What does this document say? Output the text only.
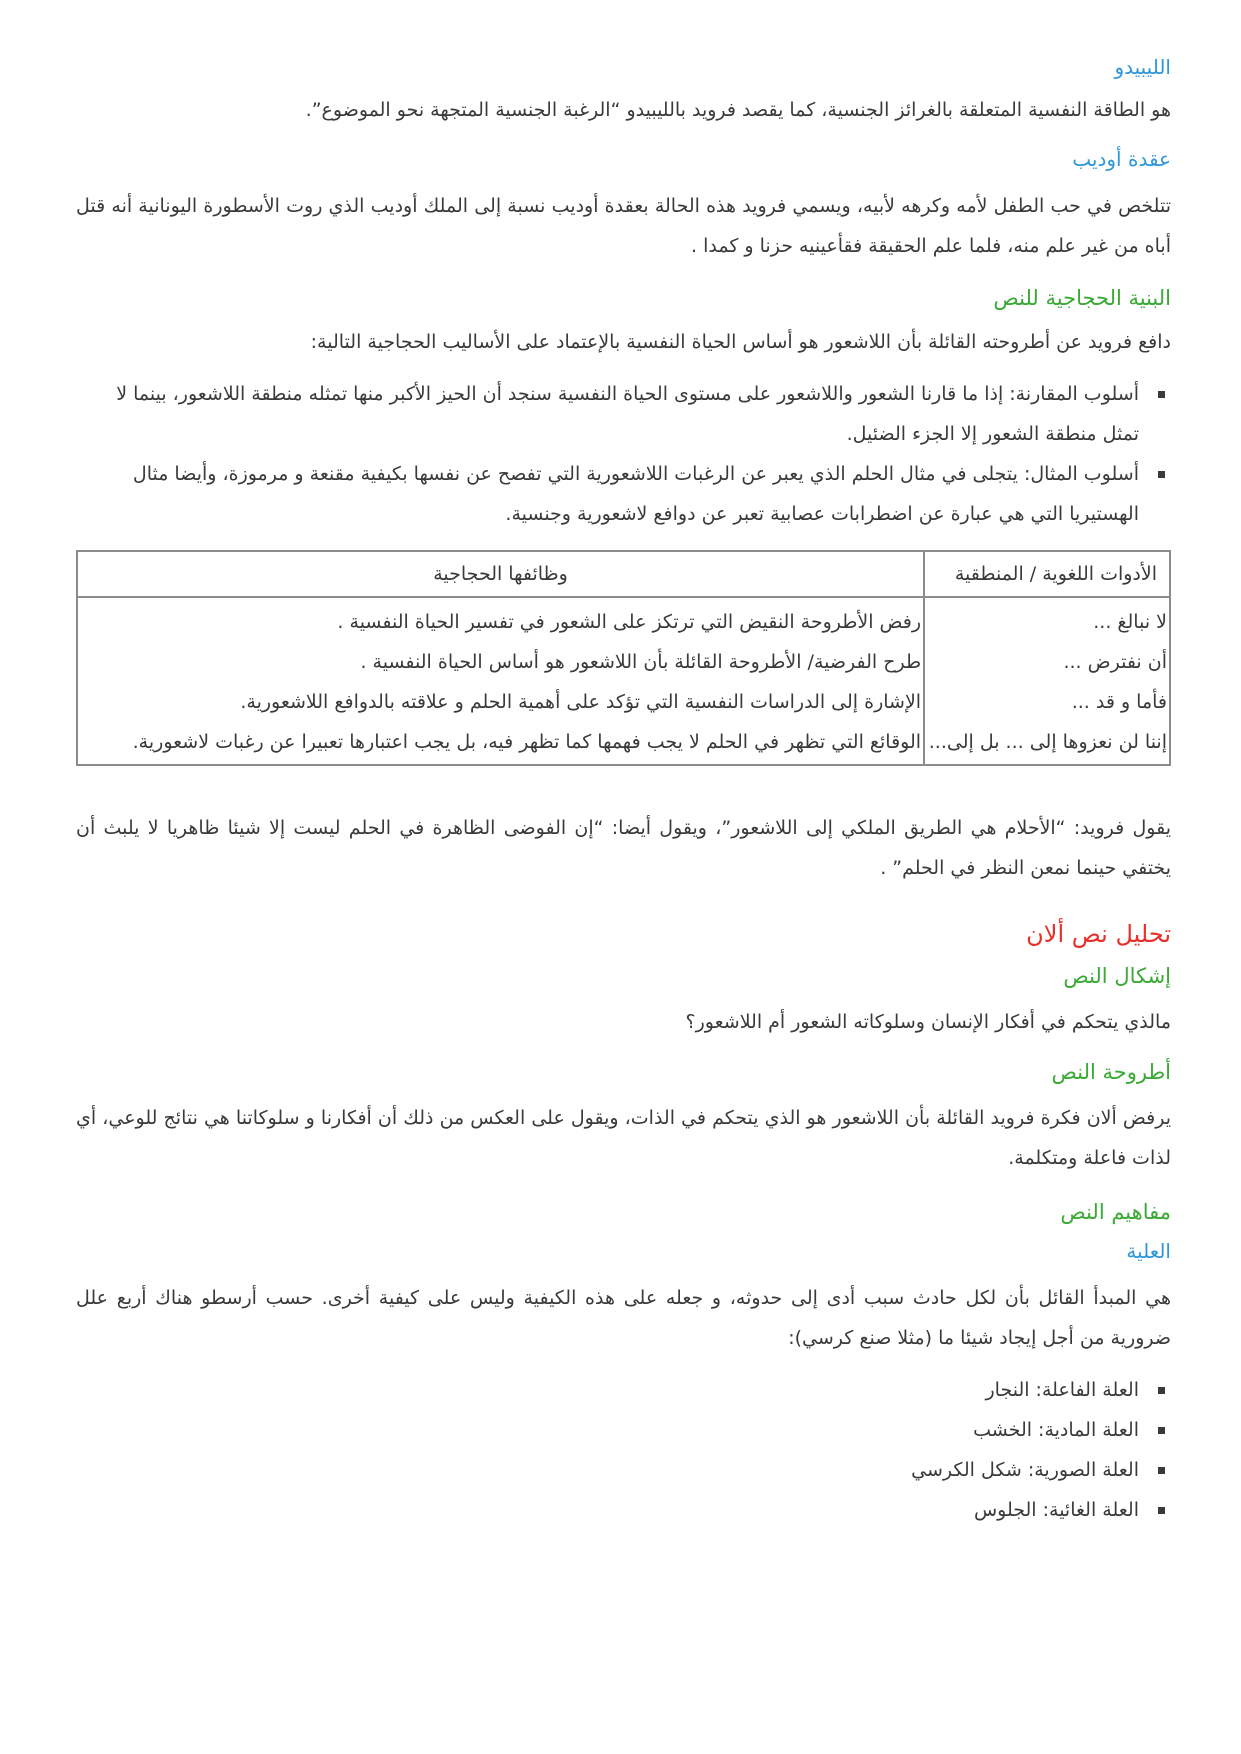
الليبيدو

هو الطاقة النفسية المتعلقة بالغرائز الجنسية، كما يقصد فرويد بالليبيدو “الرغبة الجنسية المتجهة نحو الموضوع”.

عقدة أوديب

تتلخص في حب الطفل لأمه وكرهه لأبيه، ويسمي فرويد هذه الحالة بعقدة أوديب نسبة إلى الملك أوديب الذي روت الأسطورة اليونانية أنه قتل أباه من غير علم منه، فلما علم الحقيقة فقأعينيه حزنا و كمدا .

البنية الحجاجية للنص

دافع فرويد عن أطروحته القائلة بأن اللاشعور هو أساس الحياة النفسية بالإعتماد على الأساليب الحجاجية التالية:

أسلوب المقارنة: إذا ما قارنا الشعور واللاشعور على مستوى الحياة النفسية سنجد أن الحيز الأكبر منها تمثله منطقة اللاشعور، بينما لا تمثل منطقة الشعور إلا الجزء الضئيل.
أسلوب المثال: يتجلى في مثال الحلم الذي يعبر عن الرغبات اللاشعورية التي تفصح عن نفسها بكيفية مقنعة و مرموزة، وأيضا مثال الهستيريا التي هي عبارة عن اضطرابات عصابية تعبر عن دوافع لاشعورية وجنسية.
الأدوات اللغوية / المنطقية	وظائفها الحجاجية
لا نبالغ ...	رفض الأطروحة النقيض التي ترتكز على الشعور في تفسير الحياة النفسية .
أن نفترض ...	طرح الفرضية/ الأطروحة القائلة بأن اللاشعور هو أساس الحياة النفسية .
فأما و قد ...	الإشارة إلى الدراسات النفسية التي تؤكد على أهمية الحلم و علاقته بالدوافع اللاشعورية.
إننا لن نعزوها إلى ... بل إلى...	الوقائع التي تظهر في الحلم لا يجب فهمها كما تظهر فيه، بل يجب اعتبارها تعبيرا عن رغبات لاشعورية.

يقول فرويد: “الأحلام هي الطريق الملكي إلى اللاشعور”، ويقول أيضا: “إن الفوضى الظاهرة في الحلم ليست إلا شيئا ظاهريا لا يلبث أن يختفي حينما نمعن النظر في الحلم” .

تحليل نص ألان
إشكال النص

مالذي يتحكم في أفكار الإنسان وسلوكاته الشعور أم اللاشعور؟

أطروحة النص

يرفض ألان فكرة فرويد القائلة بأن اللاشعور هو الذي يتحكم في الذات، ويقول على العكس من ذلك أن أفكارنا و سلوكاتنا هي نتائج للوعي، أي لذات فاعلة ومتكلمة.

مفاهيم النص
العلية

هي المبدأ القائل بأن لكل حادث سبب أدى إلى حدوثه، و جعله على هذه الكيفية وليس على كيفية أخرى. حسب أرسطو هناك أربع علل ضرورية من أجل إيجاد شيئا ما (مثلا صنع كرسي):

العلة الفاعلة: النجار
العلة المادية: الخشب
العلة الصورية: شكل الكرسي
العلة الغائية: الجلوس
